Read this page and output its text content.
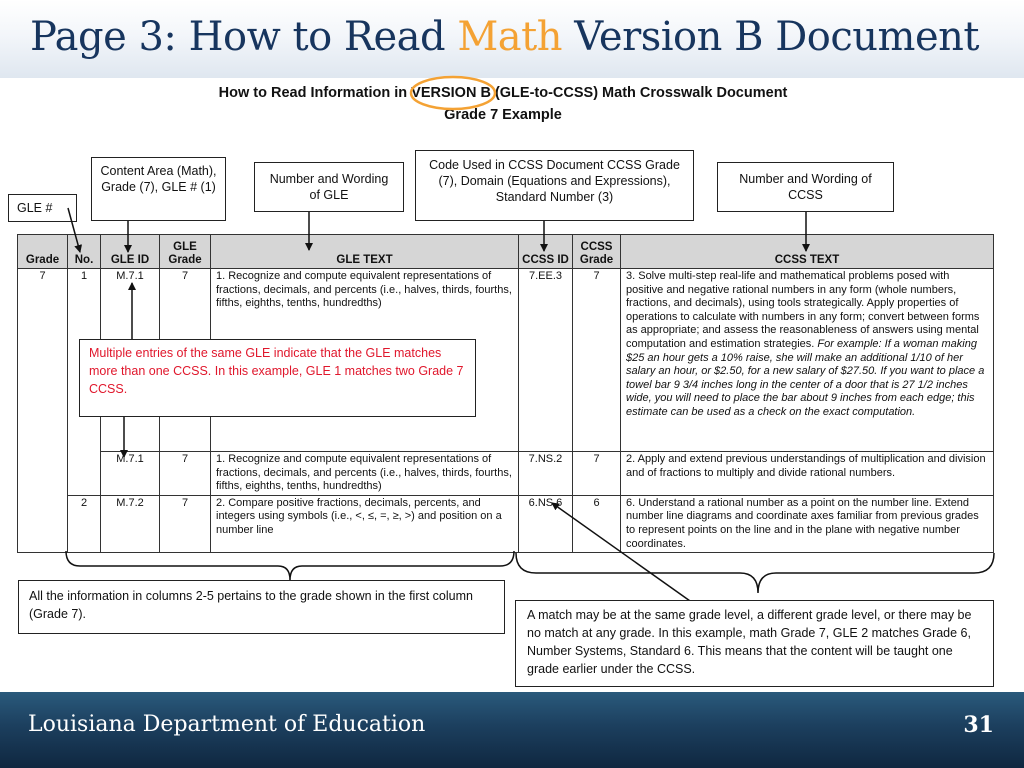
Page 3: How to Read Math Version B Document
How to Read Information in VERSION B (GLE-to-CCSS) Math Crosswalk Document
Grade 7 Example
GLE #
Content Area (Math), Grade (7), GLE # (1)
Number and Wording of GLE
Code Used in CCSS Document CCSS Grade (7), Domain (Equations and Expressions), Standard Number (3)
Number and Wording of CCSS
Grade	No.	GLE ID	GLE Grade	GLE TEXT	CCSS ID	CCSS Grade	CCSS TEXT
7	1	M.7.1	7	1. Recognize and compute equivalent representations of fractions, decimals, and percents (i.e., halves, thirds, fourths, fifths, eighths, tenths, hundredths)	7.EE.3	7	3. Solve multi-step real-life and mathematical problems posed with positive and negative rational numbers in any form (whole numbers, fractions, and decimals), using tools strategically. Apply properties of operations to calculate with numbers in any form; convert between forms as appropriate; and assess the reasonableness of answers using mental computation and estimation strategies. For example: If a woman making $25 an hour gets a 10% raise, she will make an additional 1/10 of her salary an hour, or $2.50, for a new salary of $27.50. If you want to place a towel bar 9 3/4 inches long in the center of a door that is 27 1/2 inches wide, you will need to place the bar about 9 inches from each edge; this estimate can be used as a check on the exact computation.
		M.7.1	7	1. Recognize and compute equivalent representations of fractions, decimals, and percents (i.e., halves, thirds, fourths, fifths, eighths, tenths, hundredths)	7.NS.2	7	2. Apply and extend previous understandings of multiplication and division and of fractions to multiply and divide rational numbers.
	2	M.7.2	7	2. Compare positive fractions, decimals, percents, and integers using symbols (i.e., <, ≤, =, ≥, >) and position on a number line	6.NS.6	6	6. Understand a rational number as a point on the number line. Extend number line diagrams and coordinate axes familiar from previous grades to represent points on the line and in the plane with negative number coordinates.
Multiple entries of the same GLE indicate that the GLE matches more than one CCSS. In this example, GLE 1 matches two Grade 7 CCSS.
All the information in columns 2-5 pertains to the grade shown in the first column (Grade 7).	A match may be at the same grade level, a different grade level, or there may be no match at any grade. In this example, math Grade 7, GLE 2 matches Grade 6, Number Systems, Standard 6. This means that the content will be taught one grade earlier under the CCSS.
Louisiana Department of Education	31
